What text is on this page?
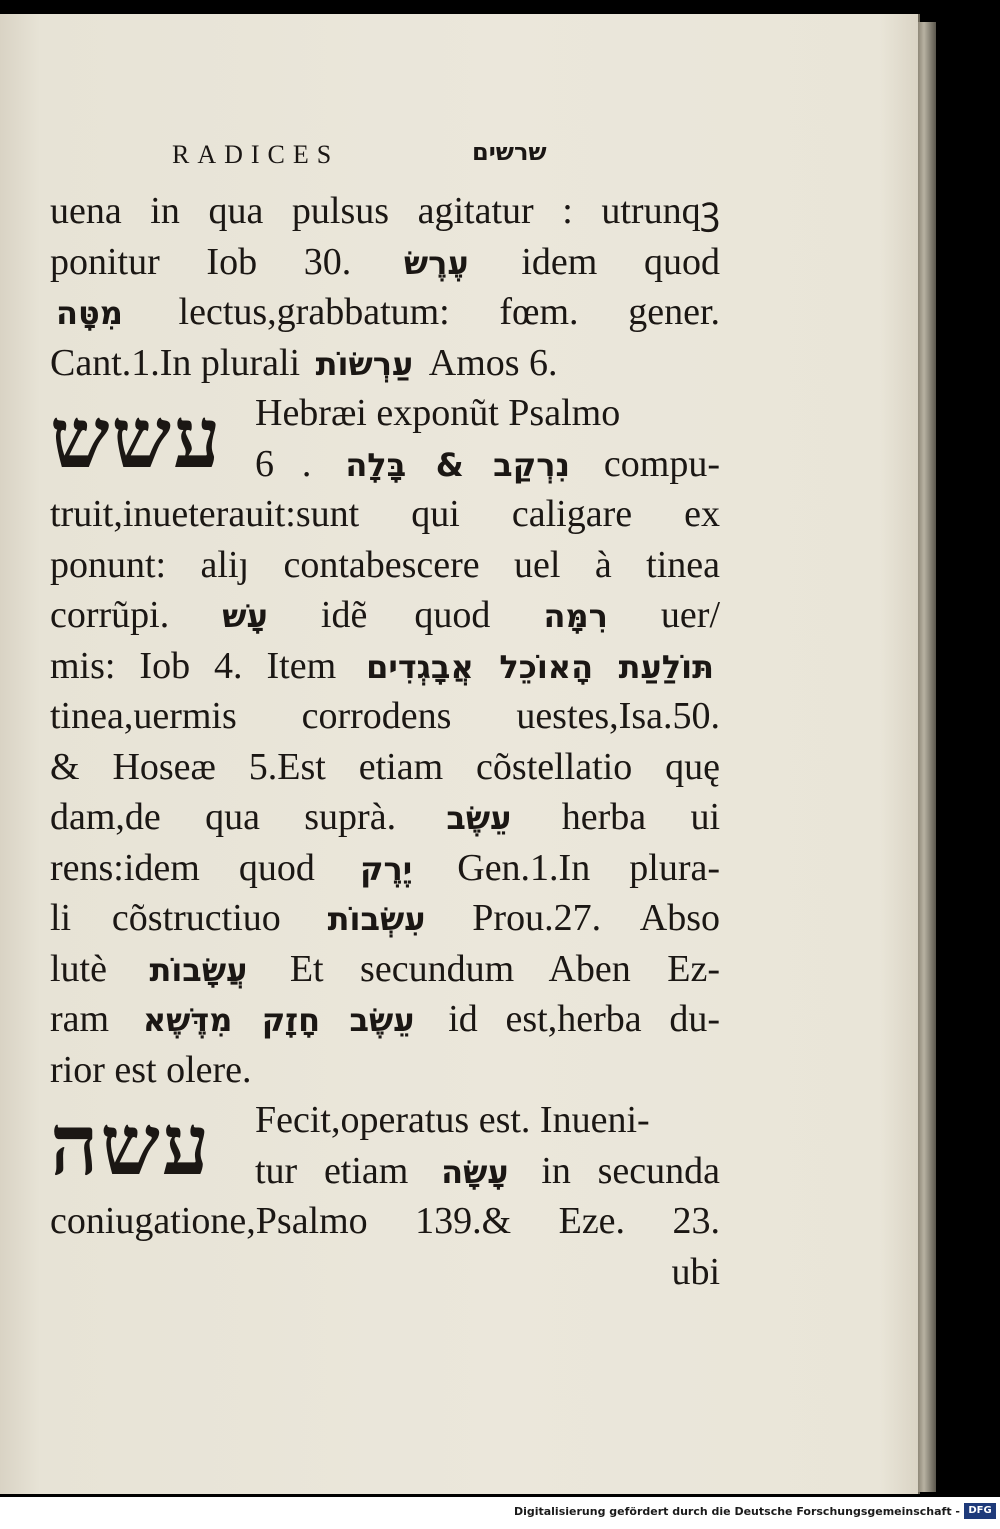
RADICES	שרשים
uena in qua pulsus agitatur : utrunqꝫ
ponitur Iob 30. עֶרֶשׂ idem quod
מִטָּה lectus,grabbatum: fœm. gener.
Cant.1.In plurali עַרְשׂוֹת Amos 6.
עשש Hebræi exponũt Psalmo
6 . נִרְקַב & בָּלָה compu-
truit,inueterauit:sunt qui caligare ex
ponunt: aliȷ contabescere uel à tinea
corrũpi. עָשׁ idẽ quod רִמָּה uer/
mis: Iob 4. Item תּוֹלַעַת הָאוֹכֵל אֲבָגְדִים
tinea,uermis corrodens uestes,Isa.50.
& Hoseæ 5.Est etiam cõstellatio quę
dam,de qua suprà. עֵשֶׂב herba ui
rens:idem quod יֶרֶק Gen.1.In plura-
li cõstructiuo עִשְׂבוֹת Prou.27. Abso
lutè עֲשָׂבוֹת Et secundum Aben Ez-
ram עֵשֶׂב חָזָק מִדֶּשֶׁא id est,herba du-
rior est olere.
עשה Fecit,operatus est. Inueni-
tur etiam עָשָׂה in secunda
coniugatione,Psalmo 139.& Eze. 23.
ubi
Digitalisierung gefördert durch die Deutsche Forschungsgemeinschaft - DFG
